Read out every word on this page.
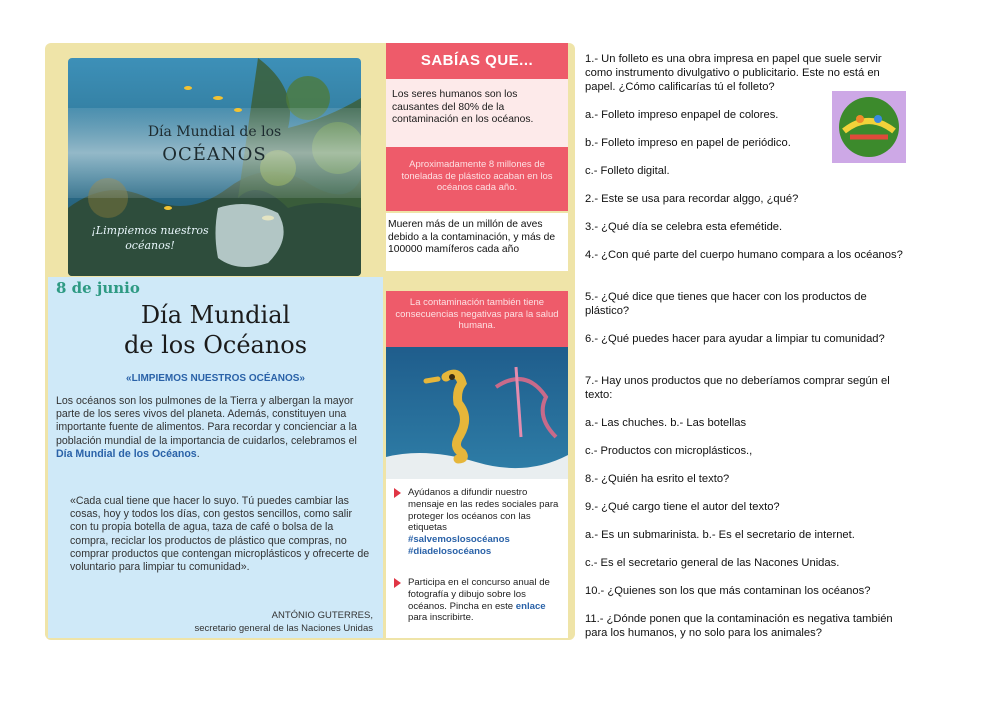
Día Mundial de los
OCÉANOS
¡Limpiemos nuestros
océanos!
8 de junio
Día Mundial
de los Océanos
«LIMPIEMOS NUESTROS OCÉANOS»
Los océanos son los pulmones de la Tierra y albergan la mayor parte de los seres vivos del planeta. Además, constituyen una importante fuente de alimentos. Para recordar y concienciar a la población mundial de la importancia de cuidarlos, celebramos el Día Mundial de los Océanos.
«Cada cual tiene que hacer lo suyo. Tú puedes cambiar las cosas, hoy y todos los días, con gestos sencillos, como salir con tu propia botella de agua, taza de café o bolsa de la compra, reciclar los productos de plástico que compras, no comprar productos que contengan microplásticos y ofrecerte de voluntario para limpiar tu comunidad».
ANTÓNIO GUTERRES,
secretario general de las Naciones Unidas
SABÍAS QUE...
Los seres humanos son los causantes del 80% de la contaminación en los océanos.
Aproximadamente 8 millones de toneladas de plástico acaban en los océanos cada año.
Mueren más de un millón de aves debido a la contaminación, y más de 100000 mamíferos cada año
La contaminación también tiene consecuencias negativas para la salud humana.
Ayúdanos a difundir nuestro mensaje en las redes sociales para proteger los océanos con las etiquetas
#salvemoslosocéanos
#diadelosocéanos
Participa en el concurso anual de fotografía y dibujo sobre los océanos. Pincha en este enlace para inscribirte.
1.- Un folleto es una obra impresa en papel que suele servir como instrumento divulgativo o publicitario. Este no está en papel. ¿Cómo calificarías tú el folleto?
a.- Folleto impreso enpapel de colores.
b.- Folleto impreso en papel de periódico.
c.- Folleto digital.
2.- Este se usa para recordar alggo, ¿qué?
3.- ¿Qué día se celebra esta efemétide.
4.- ¿Con qué parte del cuerpo humano compara a los océanos?
5.- ¿Qué dice que tienes que hacer con los productos de plástico?
6.- ¿Qué puedes hacer para ayudar a limpiar tu comunidad?
7.- Hay unos productos que no deberíamos comprar según el texto:
a.- Las chuches. b.- Las botellas
c.- Productos con microplásticos.,
8.- ¿Quién ha esrito el texto?
9.- ¿Qué cargo tiene el autor del texto?
a.- Es un submarinista. b.- Es el secretario de internet.
c.- Es el secretario general de las Nacones Unidas.
10.- ¿Quienes son los que más contaminan los océanos?
11.- ¿Dónde ponen que la contaminación es negativa también para los humanos, y no solo para los animales?
